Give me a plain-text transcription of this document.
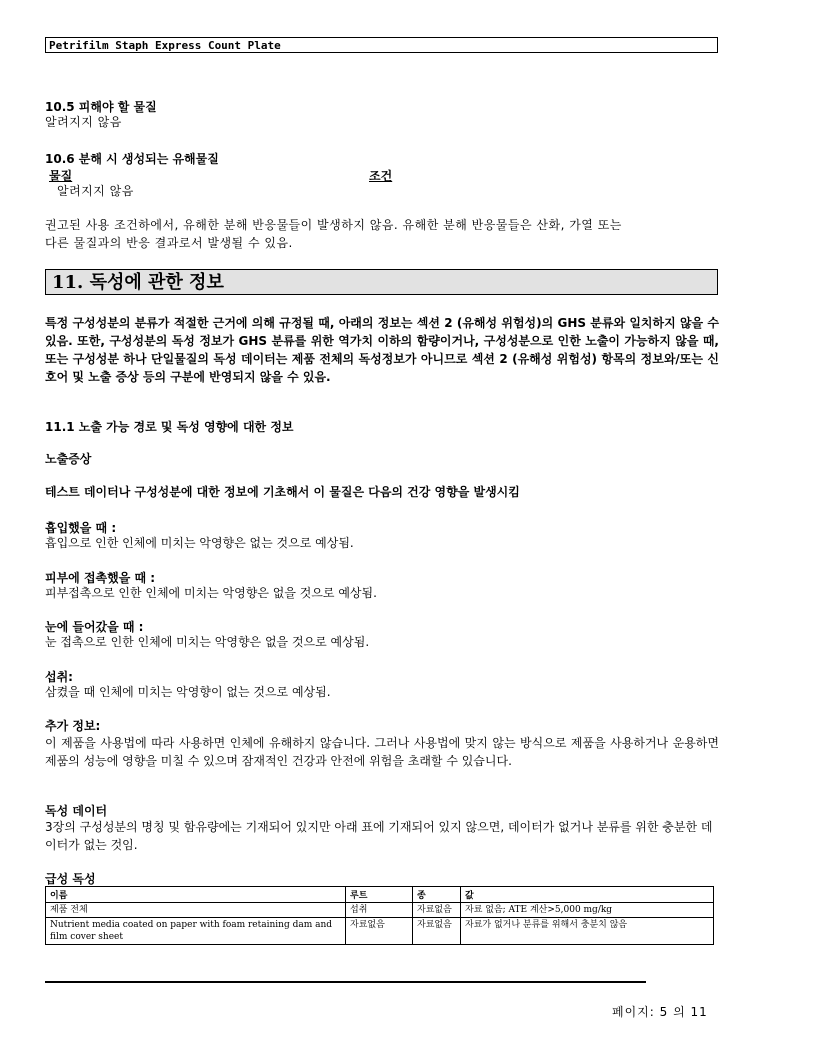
Petrifilm Staph Express Count Plate
10.5 피해야 할 물질
알려지지 않음
10.6 분해 시 생성되는 유해물질
물질	조건
알려지지 않음
권고된 사용 조건하에서, 유해한 분해 반응물들이 발생하지 않음. 유해한 분해 반응물들은 산화, 가열 또는
다른 물질과의 반응 결과로서 발생될 수 있음.
11. 독성에 관한 정보
특정 구성성분의 분류가 적절한 근거에 의해 규정될 때, 아래의 정보는 섹션 2 (유해성 위험성)의 GHS 분류와 일치하지 않을 수 있음. 또한, 구성성분의 독성 정보가 GHS 분류를 위한 역가치 이하의 함량이거나, 구성성분으로 인한 노출이 가능하지 않을 때, 또는 구성성분 하나 단일물질의 독성 데이터는 제품 전체의 독성정보가 아니므로 섹션 2 (유해성 위험성) 항목의 정보와/또는 신호어 및 노출 증상 등의 구분에 반영되지 않을 수 있음.
11.1 노출 가능 경로 및 독성 영향에 대한 정보
노출증상
테스트 데이터나 구성성분에 대한 정보에 기초해서 이 물질은 다음의 건강 영향을 발생시킴
흡입했을 때 :
흡입으로 인한 인체에 미치는 악영향은 없는 것으로 예상됨.
피부에 접촉했을 때 :
피부접촉으로 인한 인체에 미치는 악영향은 없을 것으로 예상됨.
눈에 들어갔을 때 :
눈 접촉으로 인한 인체에 미치는 악영향은 없을 것으로 예상됨.
섭취:
삼켰을 때 인체에 미치는 악영향이 없는 것으로 예상됨.
추가 정보:
이 제품을 사용법에 따라 사용하면 인체에 유해하지 않습니다. 그러나 사용법에 맞지 않는 방식으로 제품을 사용하거나 운용하면 제품의 성능에 영향을 미칠 수 있으며 잠재적인 건강과 안전에 위험을 초래할 수 있습니다.
독성 데이터
3장의 구성성분의 명칭 및 함유량에는 기재되어 있지만 아래 표에 기재되어 있지 않으면, 데이터가 없거나 분류를 위한 충분한 데이터가 없는 것임.
급성 독성
이름	루트	종	값
제품 전체	섭취	자료없음	자료 없음; ATE 계산>5,000 mg/kg
Nutrient media coated on paper with foam retaining dam and film cover sheet	자료없음	자료없음	자료가 없거나 분류를 위해서 충분치 않음
페이지: 5 의 11
